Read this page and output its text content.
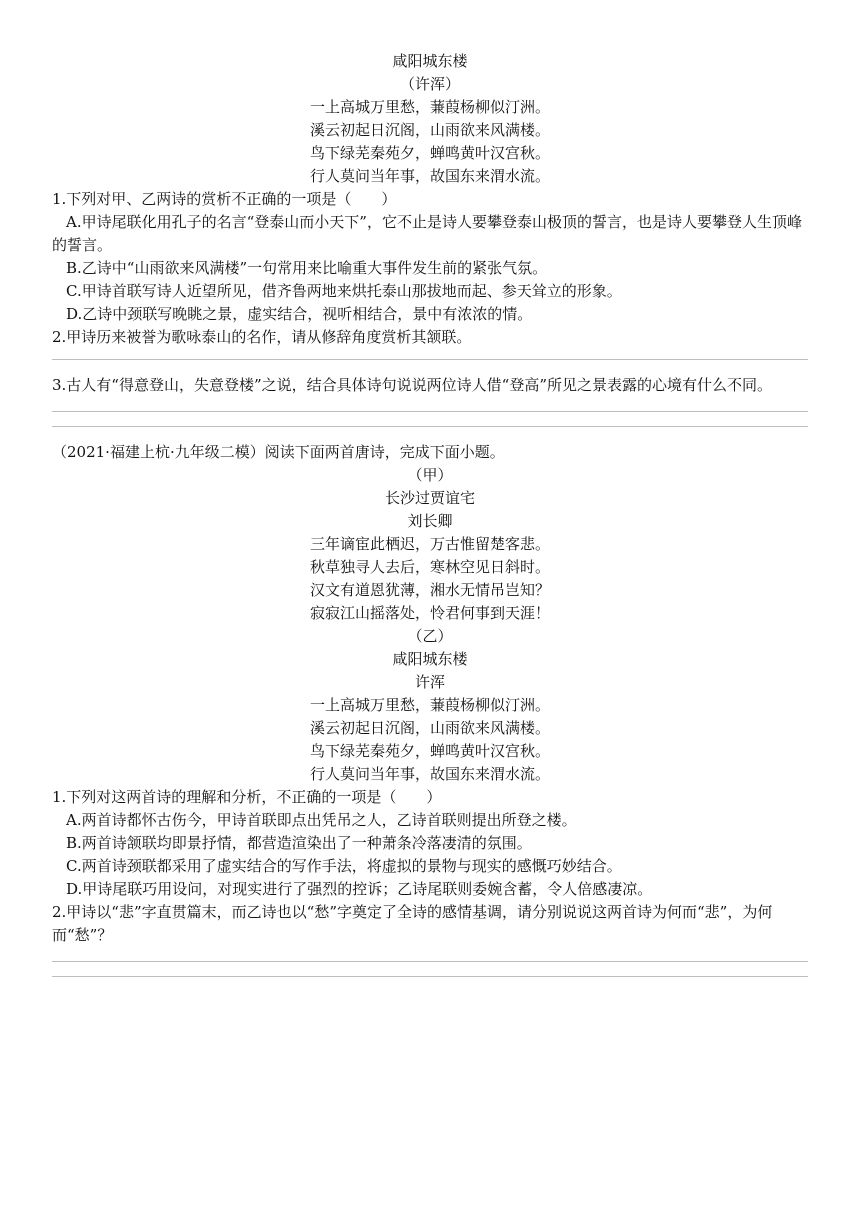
咸阳城东楼

（许浑）

一上高城万里愁，蒹葭杨柳似汀洲。

溪云初起日沉阁，山雨欲来风满楼。

鸟下绿芜秦苑夕，蝉鸣黄叶汉宫秋。

行人莫问当年事，故国东来渭水流。

1.下列对甲、乙两诗的赏析不正确的一项是（　　）

A.甲诗尾联化用孔子的名言“登泰山而小天下”，它不止是诗人要攀登泰山极顶的誓言，也是诗人要攀登人生顶峰的誓言。

B.乙诗中“山雨欲来风满楼”一句常用来比喻重大事件发生前的紧张气氛。

C.甲诗首联写诗人近望所见，借齐鲁两地来烘托泰山那拔地而起、参天耸立的形象。

D.乙诗中颈联写晚眺之景，虚实结合，视听相结合，景中有浓浓的情。

2.甲诗历来被誉为歌咏泰山的名作，请从修辞角度赏析其颔联。

3.古人有“得意登山，失意登楼”之说，结合具体诗句说说两位诗人借“登高”所见之景表露的心境有什么不同。

（2021·福建上杭·九年级二模）阅读下面两首唐诗，完成下面小题。

（甲）

长沙过贾谊宅

刘长卿

三年谪宦此栖迟，万古惟留楚客悲。

秋草独寻人去后，寒林空见日斜时。

汉文有道恩犹薄，湘水无情吊岂知？

寂寂江山摇落处，怜君何事到天涯！

（乙）

咸阳城东楼

许浑

一上高城万里愁，蒹葭杨柳似汀洲。

溪云初起日沉阁，山雨欲来风满楼。

鸟下绿芜秦苑夕，蝉鸣黄叶汉宫秋。

行人莫问当年事，故国东来渭水流。

1.下列对这两首诗的理解和分析，不正确的一项是（　　）

A.两首诗都怀古伤今，甲诗首联即点出凭吊之人，乙诗首联则提出所登之楼。

B.两首诗颔联均即景抒情，都营造渲染出了一种萧条冷落凄清的氛围。

C.两首诗颈联都采用了虚实结合的写作手法，将虚拟的景物与现实的感慨巧妙结合。

D.甲诗尾联巧用设问，对现实进行了强烈的控诉；乙诗尾联则委婉含蓄，令人倍感凄凉。

2.甲诗以“悲”字直贯篇末，而乙诗也以“愁”字奠定了全诗的感情基调，请分别说说这两首诗为何而“悲”，为何而“愁”？
